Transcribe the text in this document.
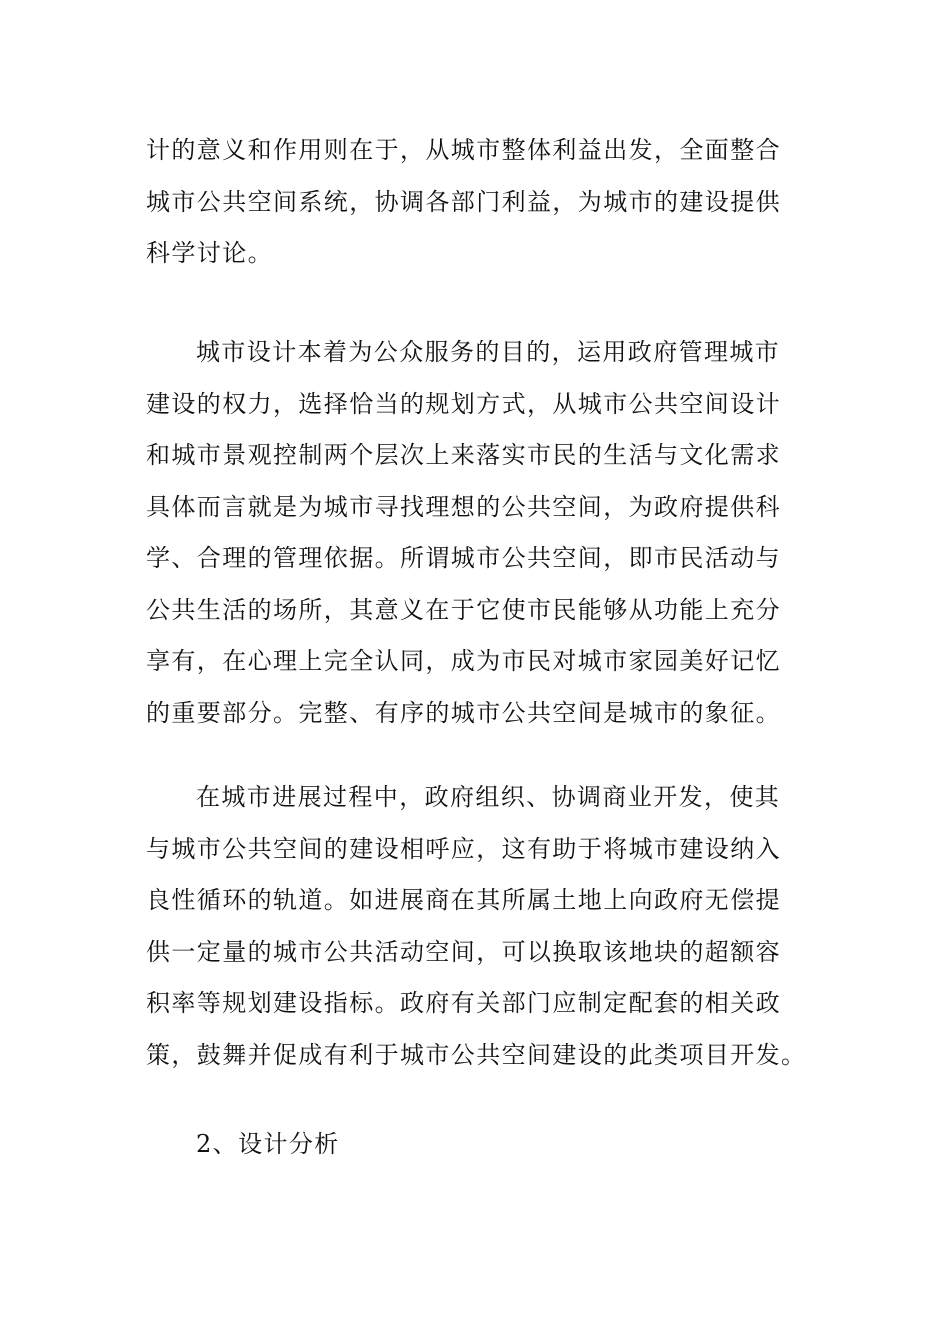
计的意义和作用则在于，从城市整体利益出发，全面整合
城市公共空间系统，协调各部门利益，为城市的建设提供
科学讨论。
城市设计本着为公众服务的目的，运用政府管理城市
建设的权力，选择恰当的规划方式，从城市公共空间设计
和城市景观控制两个层次上来落实市民的生活与文化需求
具体而言就是为城市寻找理想的公共空间，为政府提供科
学、合理的管理依据。所谓城市公共空间，即市民活动与
公共生活的场所，其意义在于它使市民能够从功能上充分
享有，在心理上完全认同，成为市民对城市家园美好记忆
的重要部分。完整、有序的城市公共空间是城市的象征。
在城市进展过程中，政府组织、协调商业开发，使其
与城市公共空间的建设相呼应，这有助于将城市建设纳入
良性循环的轨道。如进展商在其所属土地上向政府无偿提
供一定量的城市公共活动空间，可以换取该地块的超额容
积率等规划建设指标。政府有关部门应制定配套的相关政
策，鼓舞并促成有利于城市公共空间建设的此类项目开发。
2、设计分析
